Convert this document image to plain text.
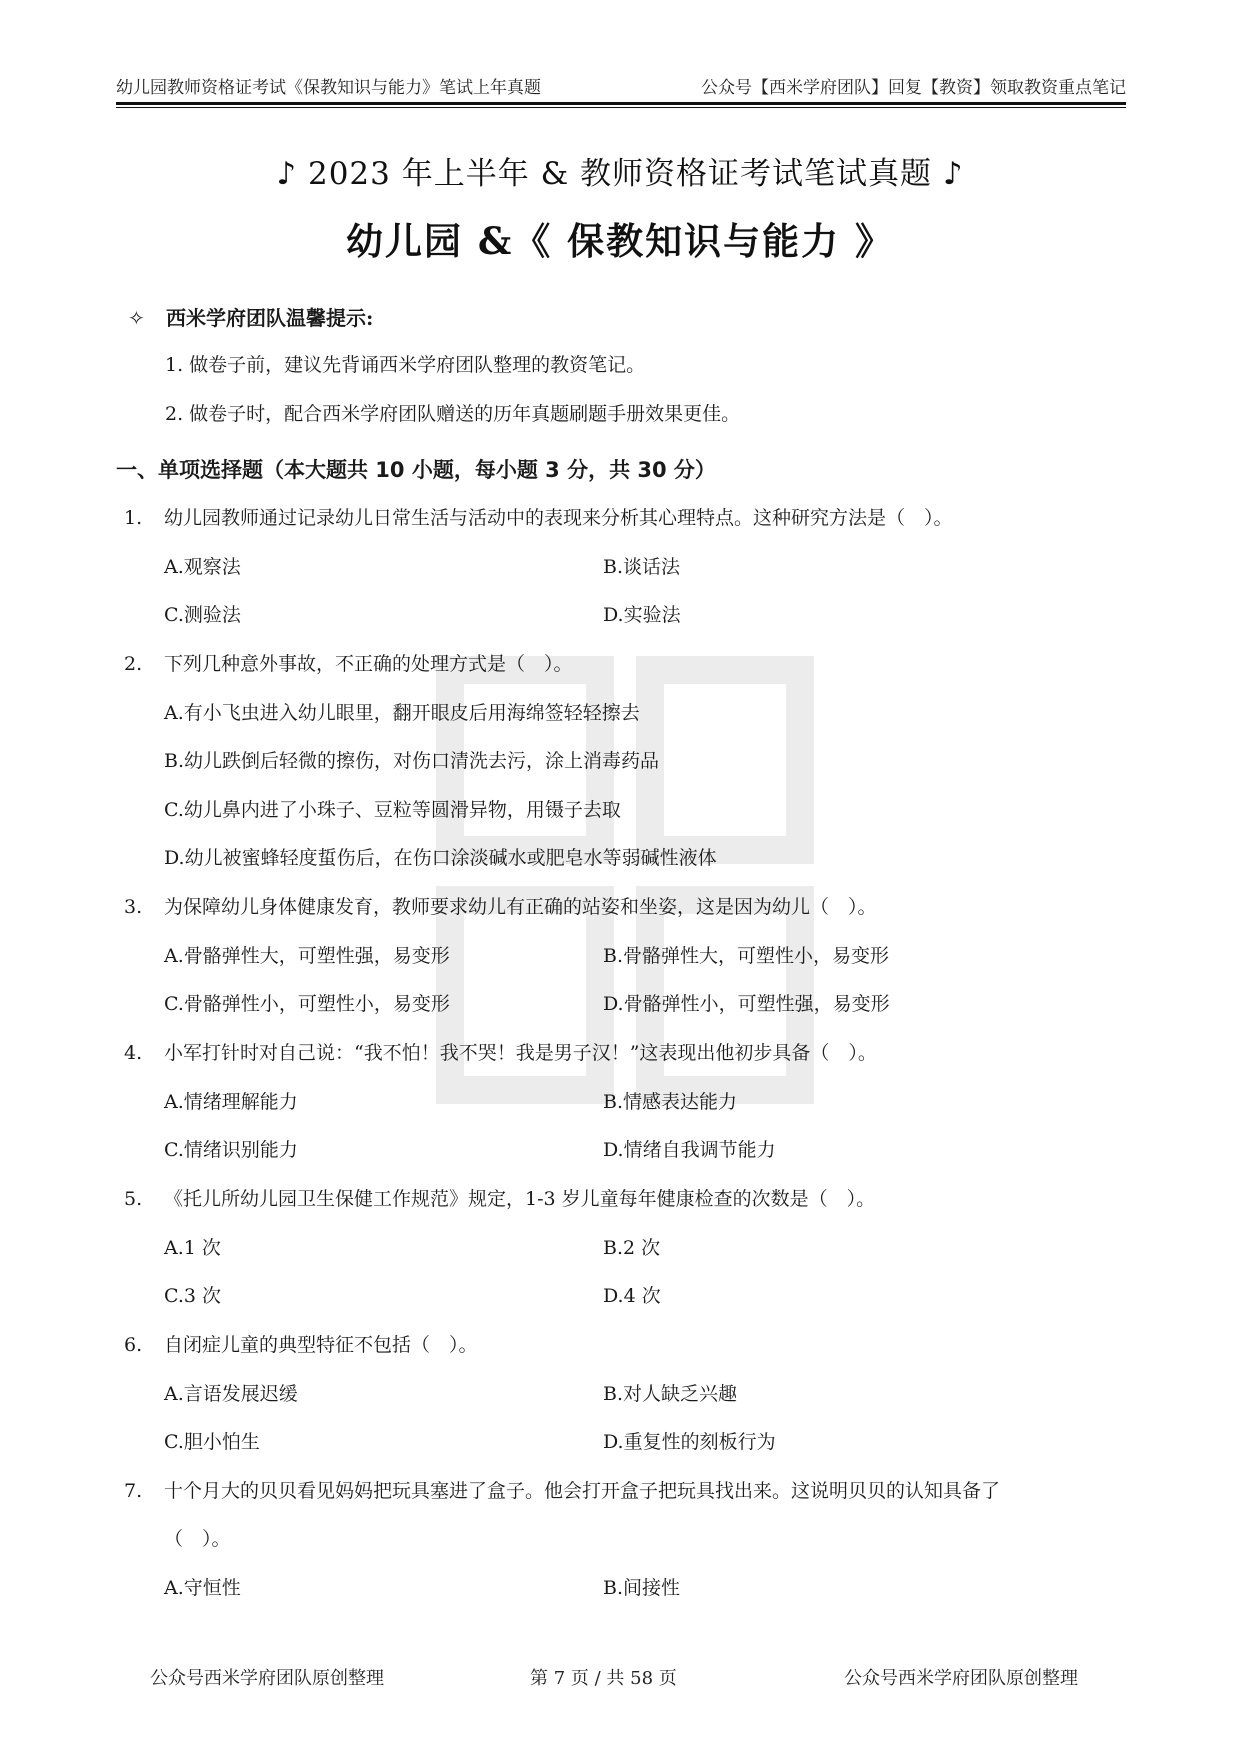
幼儿园教师资格证考试《保教知识与能力》笔试上年真题	公众号【西米学府团队】回复【教资】领取教资重点笔记
♪ 2023 年上半年 & 教师资格证考试笔试真题 ♪
幼儿园 &《 保教知识与能力 》
✧ 西米学府团队温馨提示:
1. 做卷子前，建议先背诵西米学府团队整理的教资笔记。
2. 做卷子时，配合西米学府团队赠送的历年真题刷题手册效果更佳。
一、单项选择题（本大题共 10 小题，每小题 3 分，共 30 分）
1. 幼儿园教师通过记录幼儿日常生活与活动中的表现来分析其心理特点。这种研究方法是（　）。
A.观察法	B.谈话法
C.测验法	D.实验法
2. 下列几种意外事故，不正确的处理方式是（　）。
A.有小飞虫进入幼儿眼里，翻开眼皮后用海绵签轻轻擦去
B.幼儿跌倒后轻微的擦伤，对伤口清洗去污，涂上消毒药品
C.幼儿鼻内进了小珠子、豆粒等圆滑异物，用镊子去取
D.幼儿被蜜蜂轻度蜇伤后，在伤口涂淡碱水或肥皂水等弱碱性液体
3. 为保障幼儿身体健康发育，教师要求幼儿有正确的站姿和坐姿，这是因为幼儿（　）。
A.骨骼弹性大，可塑性强，易变形	B.骨骼弹性大，可塑性小，易变形
C.骨骼弹性小，可塑性小，易变形	D.骨骼弹性小，可塑性强，易变形
4. 小军打针时对自己说：“我不怕！我不哭！我是男子汉！”这表现出他初步具备（　）。
A.情绪理解能力	B.情感表达能力
C.情绪识别能力	D.情绪自我调节能力
5. 《托儿所幼儿园卫生保健工作规范》规定，1-3 岁儿童每年健康检查的次数是（　）。
A.1 次	B.2 次
C.3 次	D.4 次
6. 自闭症儿童的典型特征不包括（　）。
A.言语发展迟缓	B.对人缺乏兴趣
C.胆小怕生	D.重复性的刻板行为
7. 十个月大的贝贝看见妈妈把玩具塞进了盒子。他会打开盒子把玩具找出来。这说明贝贝的认知具备了
（　）。
A.守恒性	B.间接性
公众号西米学府团队原创整理	第 7 页 / 共 58 页	公众号西米学府团队原创整理
